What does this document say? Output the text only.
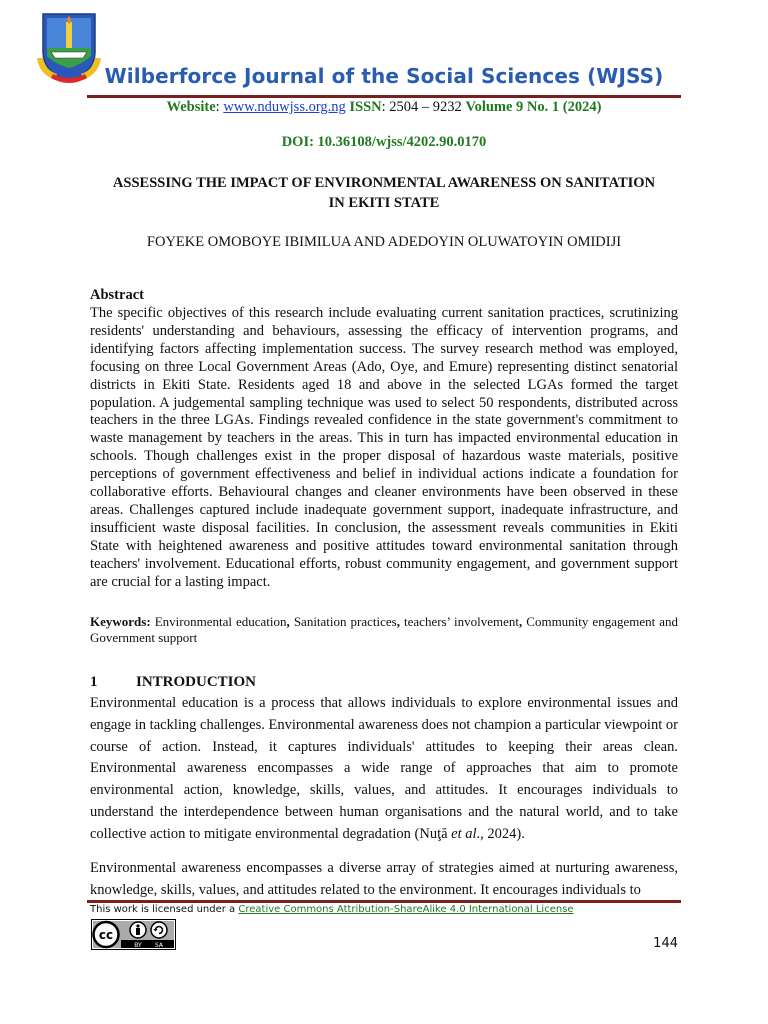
Wilberforce Journal of the Social Sciences (WJSS)
Website: www.nduwjss.org.ng ISSN: 2504 – 9232 Volume 9 No. 1 (2024)
DOI: 10.36108/wjss/4202.90.0170
ASSESSING THE IMPACT OF ENVIRONMENTAL AWARENESS ON SANITATION
IN EKITI STATE
FOYEKE OMOBOYE IBIMILUA AND ADEDOYIN OLUWATOYIN OMIDIJI
Abstract
The specific objectives of this research include evaluating current sanitation practices, scrutinizing residents' understanding and behaviours, assessing the efficacy of intervention programs, and identifying factors affecting implementation success. The survey research method was employed, focusing on three Local Government Areas (Ado, Oye, and Emure) representing distinct senatorial districts in Ekiti State. Residents aged 18 and above in the selected LGAs formed the target population. A judgemental sampling technique was used to select 50 respondents, distributed across teachers in the three LGAs. Findings revealed confidence in the state government's commitment to waste management by teachers in the areas. This in turn has impacted environmental education in schools. Though challenges exist in the proper disposal of hazardous waste materials, positive perceptions of government effectiveness and belief in individual actions indicate a foundation for collaborative efforts. Behavioural changes and cleaner environments have been observed in these areas. Challenges captured include inadequate government support, inadequate infrastructure, and insufficient waste disposal facilities. In conclusion, the assessment reveals communities in Ekiti State with heightened awareness and positive attitudes toward environmental sanitation through teachers' involvement. Educational efforts, robust community engagement, and government support are crucial for a lasting impact.
Keywords: Environmental education, Sanitation practices, teachers’ involvement, Community engagement and Government support
1	INTRODUCTION
Environmental education is a process that allows individuals to explore environmental issues and engage in tackling challenges. Environmental awareness does not champion a particular viewpoint or course of action. Instead, it captures individuals' attitudes to keeping their areas clean. Environmental awareness encompasses a wide range of approaches that aim to promote environmental action, knowledge, skills, values, and attitudes. It encourages individuals to understand the interdependence between human organisations and the natural world, and to take collective action to mitigate environmental degradation (Nuţă et al., 2024).
Environmental awareness encompasses a diverse array of strategies aimed at nurturing awareness, knowledge, skills, values, and attitudes related to the environment. It encourages individuals to
This work is licensed under a Creative Commons Attribution-ShareAlike 4.0 International License
cc
BY SA	144
